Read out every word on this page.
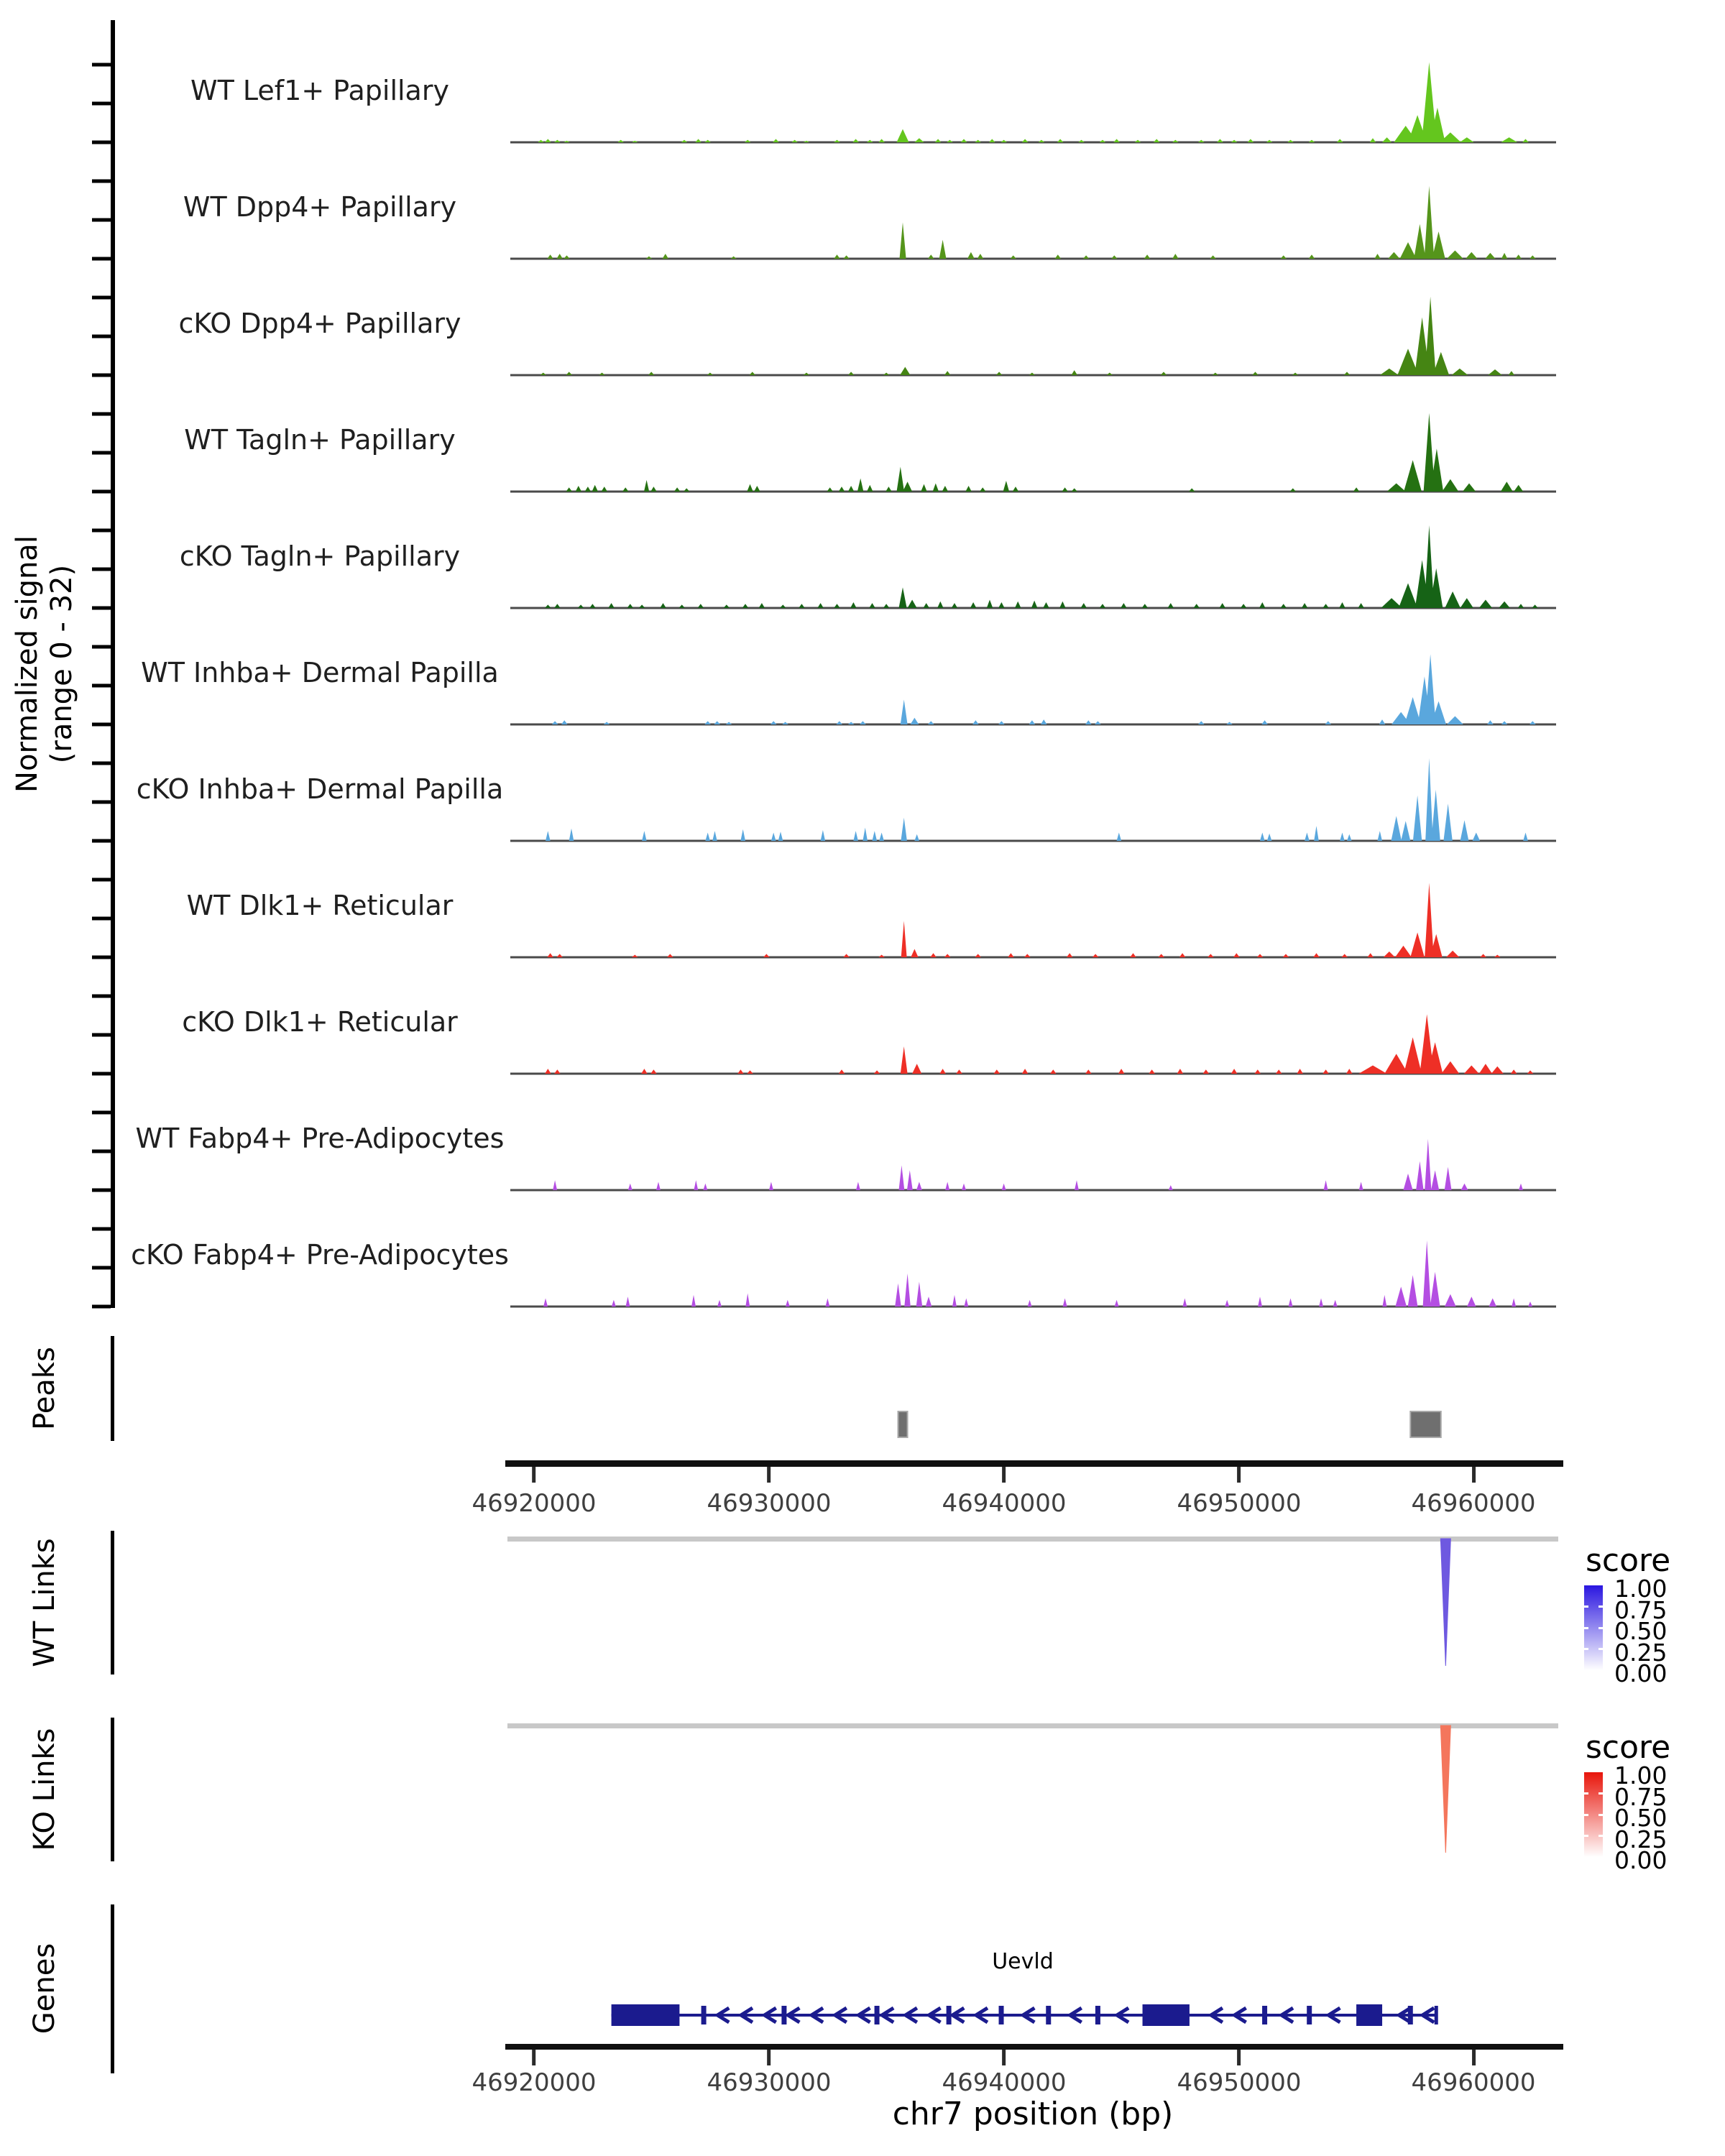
Normalized signal
(range 0 - 32)
WT Lef1+ Papillary
WT Dpp4+ Papillary
cKO Dpp4+ Papillary
WT Tagln+ Papillary
cKO Tagln+ Papillary
WT Inhba+ Dermal Papilla
cKO Inhba+ Dermal Papilla
WT Dlk1+ Reticular
cKO Dlk1+ Reticular
WT Fabp4+ Pre-Adipocytes
cKO Fabp4+ Pre-Adipocytes
Peaks
WT Links
KO Links
Genes
46920000	46930000	46940000	46950000	46960000
score
1.00
0.75
0.50
0.25
0.00
score
1.00
0.75
0.50
0.25
0.00
Uevld
46920000	46930000	46940000	46950000	46960000
chr7 position (bp)
